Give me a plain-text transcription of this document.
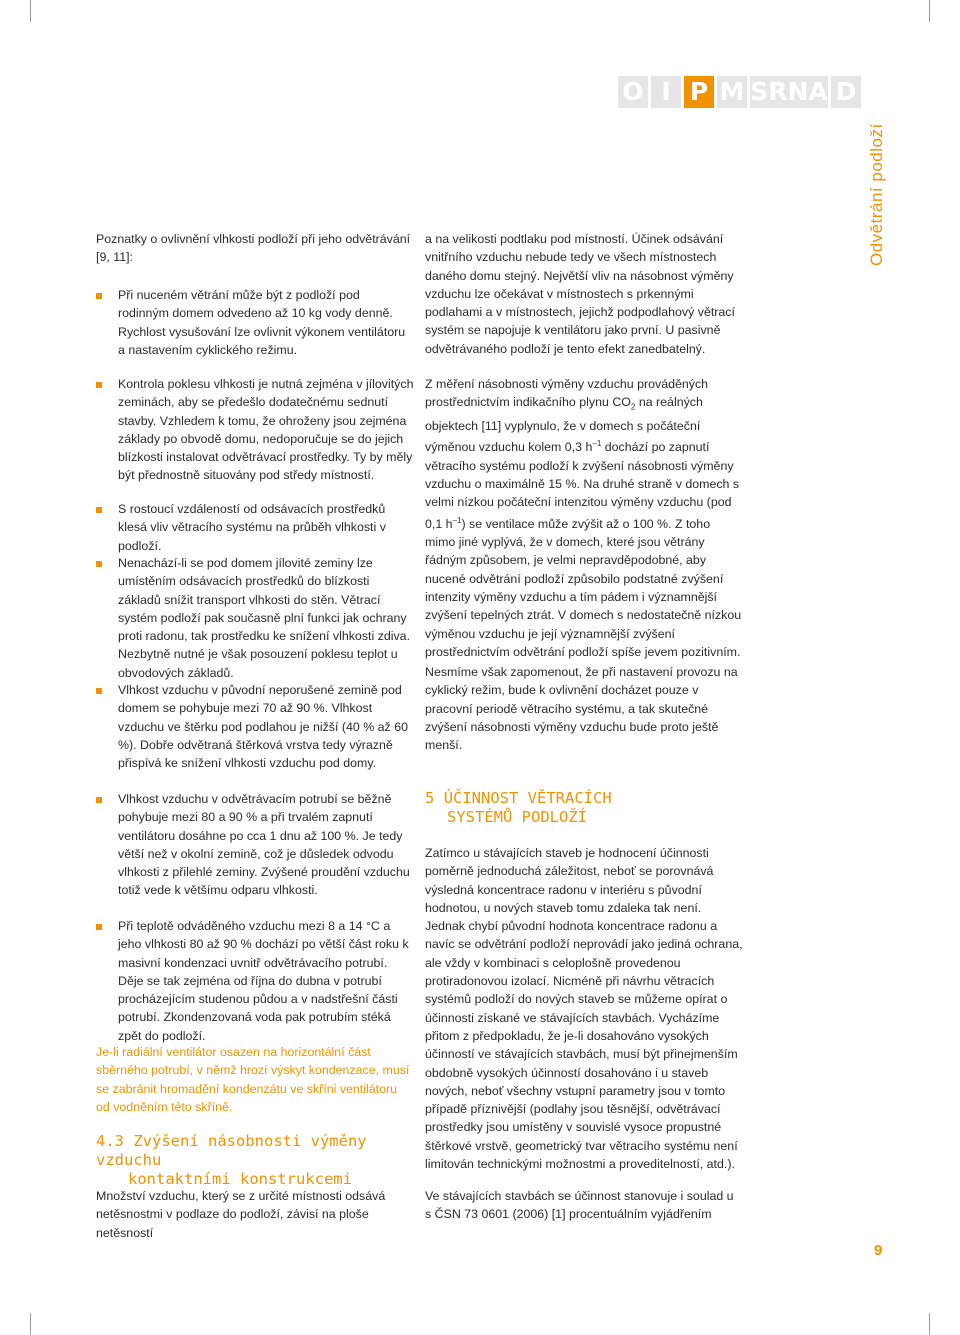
O I P M SRNA D
Odvětrání podloží

Poznatky o ovlivnění vlhkosti podloží při jeho odvětrávání [9, 11]:

Při nuceném větrání může být z podloží pod rodinným domem odvedeno až 10 kg vody denně. Rychlost vysušování lze ovlivnit výkonem ventilátoru a nastavením cyklického režimu.
Kontrola poklesu vlhkosti je nutná zejména v jílovitých zeminách, aby se předešlo dodatečnému sednutí stavby. Vzhledem k tomu, že ohroženy jsou zejména základy po obvodě domu, nedoporučuje se do jejich blízkosti instalovat odvětrávací prostředky. Ty by měly být přednostně situovány pod středy místností.
S rostoucí vzdáleností od odsávacích prostředků klesá vliv větracího systému na průběh vlhkosti v podloží.
Nenachází-li se pod domem jílovité zeminy lze umístěním odsávacích prostředků do blízkosti základů snížit transport vlhkosti do stěn. Větrací systém podloží pak současně plní funkci jak ochrany proti radonu, tak prostředku ke snížení vlhkosti zdiva. Nezbytně nutné je však posouzení poklesu teplot u obvodových základů.
Vlhkost vzduchu v původní neporušené zemině pod domem se pohybuje mezi 70 až 90 %. Vlhkost vzduchu ve štěrku pod podlahou je nižší (40 % až 60 %). Dobře odvětraná štěrková vrstva tedy výrazně přispívá ke snížení vlhkosti vzduchu pod domy.
Vlhkost vzduchu v odvětrávacím potrubí se běžně pohybuje mezi 80 a 90 % a při trvalém zapnutí ventilátoru dosáhne po cca 1 dnu až 100 %. Je tedy větší než v okolní zemině, což je důsledek odvodu vlhkosti z přilehlé zeminy. Zvýšené proudění vzduchu totiž vede k většímu odparu vlhkosti.
Při teplotě odváděného vzduchu mezi 8 a 14 °C a jeho vlhkosti 80 až 90 % dochází po větší část roku k masivní kondenzaci uvnitř odvětrávacího potrubí. Děje se tak zejména od října do dubna v potrubí procházejícím studenou půdou a v nadstřešní části potrubí. Zkondenzovaná voda pak potrubím stéká zpět do podloží.

Je-li radiální ventilátor osazen na horizontální část sběrného potrubí, v němž hrozí výskyt kondenzace, musí se zabránit hromadění kondenzátu ve skříni ventilátoru od vodněním této skříně.

4.3 Zvýšení násobnosti výměny vzduchu
kontaktními konstrukcemi

Množství vzduchu, který se z určité místnosti odsává netěsnostmi v podlaze do podloží, závisí na ploše netěsností

a na velikosti podtlaku pod místností. Účinek odsávání vnitřního vzduchu nebude tedy ve všech místnostech daného domu stejný. Největší vliv na násobnost výměny vzduchu lze očekávat v místnostech s prkennými podlahami a v místnostech, jejichž podpodlahový větrací systém se napojuje k ventilátoru jako první. U pasivně odvětrávaného podloží je tento efekt zanedbatelný.

Z měření násobnosti výměny vzduchu prováděných prostřednictvím indikačního plynu $CO_2$ na reálných objektech [11] vyplynulo, že v domech s počáteční výměnou vzduchu kolem 0,3 $h^{-1}$ dochází po zapnutí větracího systému podloží k zvýšení násobnosti výměny vzduchu o maximálně 15 %. Na druhé straně v domech s velmi nízkou počáteční intenzitou výměny vzduchu (pod 0,1 $h^{-1}$) se ventilace může zvýšit až o 100 %. Z toho mimo jiné vyplývá, že v domech, které jsou větrány řádným způsobem, je velmi nepravděpodobné, aby nucené odvětrání podloží způsobilo podstatné zvýšení intenzity výměny vzduchu a tím pádem i významnější zvýšení tepelných ztrát. V domech s nedostatečně nízkou výměnou vzduchu je její významnější zvýšení prostřednictvím odvětrání podloží spíše jevem pozitivním.

Nesmíme však zapomenout, že při nastavení provozu na cyklický režim, bude k ovlivnění docházet pouze v pracovní periodě větracího systému, a tak skutečné zvýšení násobnosti výměny vzduchu bude proto ještě menší.

5 ÚČINNOST VĚTRACÍCH
SYSTÉMŮ PODLOŽÍ

Zatímco u stávajících staveb je hodnocení účinnosti poměrně jednoduchá záležitost, neboť se porovnává výsledná koncentrace radonu v interiéru s původní hodnotou, u nových staveb tomu zdaleka tak není. Jednak chybí původní hodnota koncentrace radonu a navíc se odvětrání podloží neprovádí jako jediná ochrana, ale vždy v kombinaci s celoplošně provedenou protiradonovou izolací. Nicméně při návrhu větracích systémů podloží do nových staveb se můžeme opírat o účinnosti získané ve stávajících stavbách. Vycházíme přitom z předpokladu, že je-li dosahováno vysokých účinností ve stávajících stavbách, musí být přinejmenším obdobně vysokých účinností dosahováno i u staveb nových, neboť všechny vstupní parametry jsou v tomto případě příznivější (podlahy jsou těsnější, odvětrávací prostředky jsou umístěny v souvislé vysoce propustné štěrkové vrstvě, geometrický tvar větracího systému není limitován technickými možnostmi a proveditelností, atd.).

Ve stávajících stavbách se účinnost stanovuje i soulad u s ČSN 73 0601 (2006) [1] procentuálním vyjádřením

9
